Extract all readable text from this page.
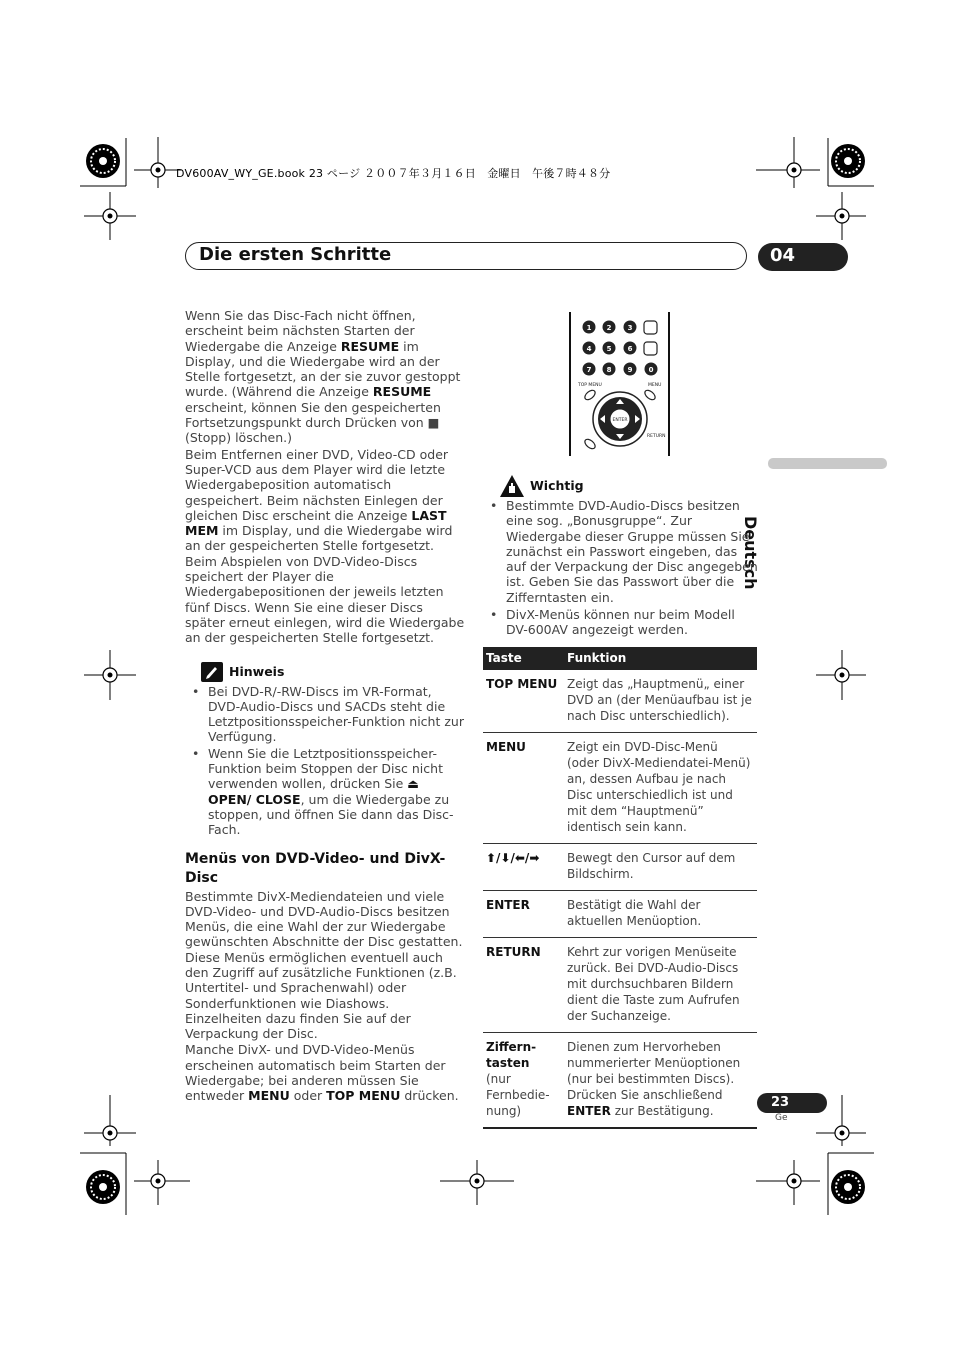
DV600AV_WY_GE.book 23 ページ ２００７年３月１６日　金曜日　午後７時４８分
Die ersten Schritte	04
Deutsch

Wenn Sie das Disc-Fach nicht öffnen, erscheint beim nächsten Starten der Wiedergabe die Anzeige RESUME im Display, und die Wiedergabe wird an der Stelle fortgesetzt, an der sie zuvor gestoppt wurde. (Während die Anzeige RESUME erscheint, können Sie den gespeicherten Fortsetzungspunkt durch Drücken von ■ (Stopp) löschen.)

Beim Entfernen einer DVD, Video-CD oder Super-VCD aus dem Player wird die letzte Wiedergabeposition automatisch gespeichert. Beim nächsten Einlegen der gleichen Disc erscheint die Anzeige LAST MEM im Display, und die Wiedergabe wird an der gespeicherten Stelle fortgesetzt. Beim Abspielen von DVD-Video-Discs speichert der Player die Wiedergabepositionen der jeweils letzten fünf Discs. Wenn Sie eine dieser Discs später erneut einlegen, wird die Wiedergabe an der gespeicherten Stelle fortgesetzt.

Hinweis
• Bei DVD-R/-RW-Discs im VR-Format, DVD-Audio-Discs und SACDs steht die Letztpositionsspeicher-Funktion nicht zur Verfügung.
• Wenn Sie die Letztpositionsspeicher-Funktion beim Stoppen der Disc nicht verwenden wollen, drücken Sie ⏏ OPEN/ CLOSE, um die Wiedergabe zu stoppen, und öffnen Sie dann das Disc-Fach.
Menüs von DVD-Video- und DivX-Disc

Bestimmte DivX-Mediendateien und viele DVD-Video- und DVD-Audio-Discs besitzen Menüs, die eine Wahl der zur Wiedergabe gewünschten Abschnitte der Disc gestatten. Diese Menüs ermöglichen eventuell auch den Zugriff auf zusätzliche Funktionen (z.B. Untertitel- und Sprachenwahl) oder Sonderfunktionen wie Diashows. Einzelheiten dazu finden Sie auf der Verpackung der Disc.

Manche DivX- und DVD-Video-Menüs erscheinen automatisch beim Starten der Wiedergabe; bei anderen müssen Sie entweder MENU oder TOP MENU drücken.

1 2 3
4 5 6
7 8 9 0
TOP MENU	MENU
RETURN
ENTER
Wichtig
• Bestimmte DVD-Audio-Discs besitzen eine sog. „Bonusgruppe“. Zur Wiedergabe dieser Gruppe müssen Sie zunächst ein Passwort eingeben, das auf der Verpackung der Disc angegeben ist. Geben Sie das Passwort über die Zifferntasten ein.
• DivX-Menüs können nur beim Modell DV-600AV angezeigt werden.
Taste	Funktion
TOP MENU	Zeigt das „Hauptmenü„ einer DVD an (der Menüaufbau ist je nach Disc unterschiedlich).
MENU	Zeigt ein DVD-Disc-Menü (oder DivX-Mediendatei-Menü) an, dessen Aufbau je nach Disc unterschiedlich ist und mit dem “Hauptmenü” identisch sein kann.
⬆/⬇/⬅/➡	Bewegt den Cursor auf dem Bildschirm.
ENTER	Bestätigt die Wahl der aktuellen Menüoption.
RETURN	Kehrt zur vorigen Menüseite zurück. Bei DVD-Audio-Discs mit durchsuchbaren Bildern dient die Taste zum Aufrufen der Suchanzeige.

Ziffern-tasten
(nur Fernbedie-nung)	Dienen zum Hervorheben nummerierter Menüoptionen (nur bei bestimmten Discs). Drücken Sie anschließend ENTER zur Bestätigung.
23
Ge
